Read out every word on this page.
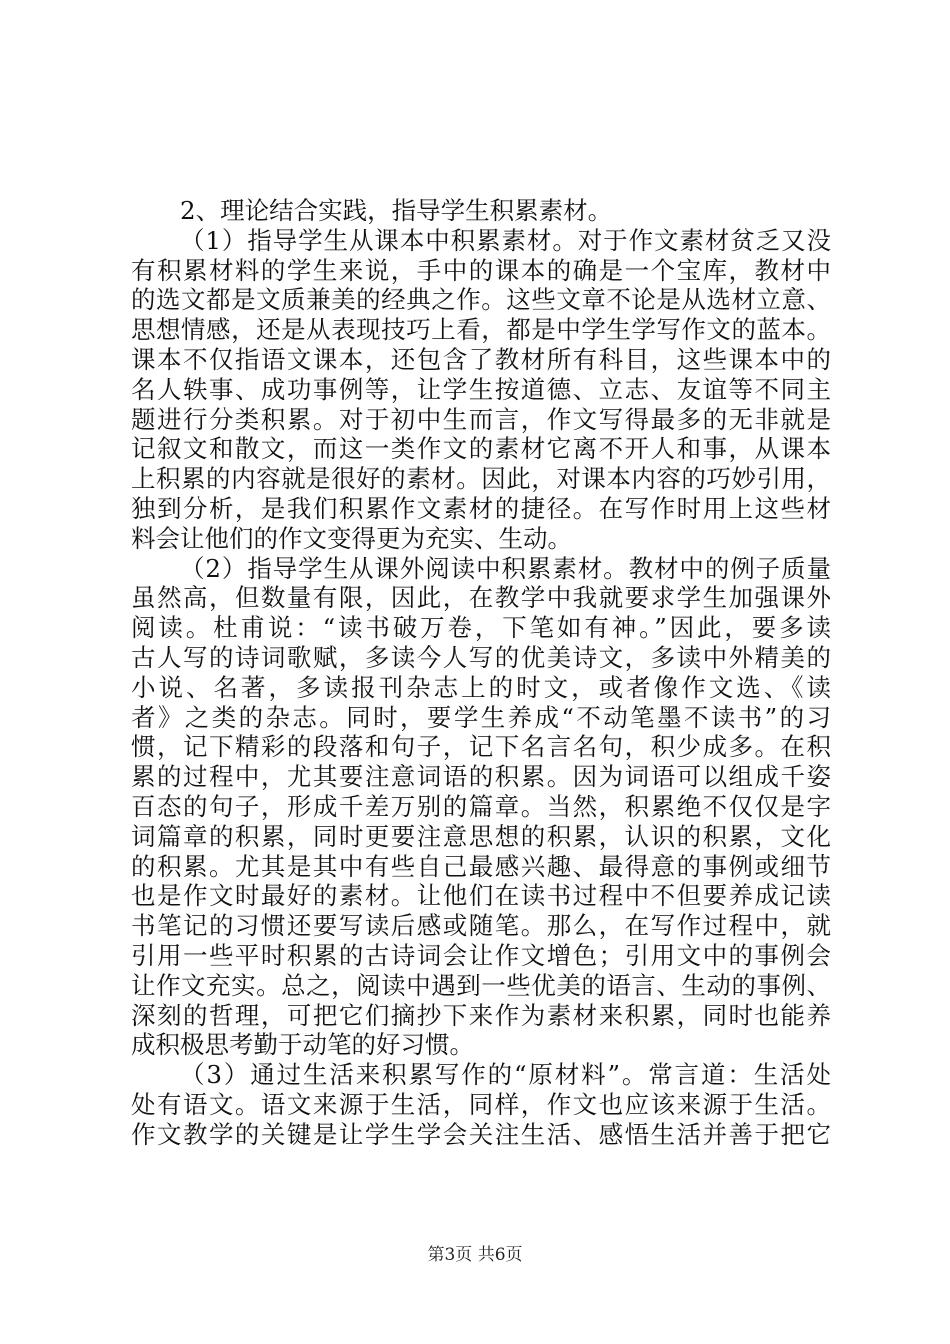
2、理论结合实践，指导学生积累素材。
（1）指导学生从课本中积累素材。对于作文素材贫乏又没
有积累材料的学生来说，手中的课本的确是一个宝库，教材中
的选文都是文质兼美的经典之作。这些文章不论是从选材立意、
思想情感，还是从表现技巧上看，都是中学生学写作文的蓝本。
课本不仅指语文课本，还包含了教材所有科目，这些课本中的
名人轶事、成功事例等，让学生按道德、立志、友谊等不同主
题进行分类积累。对于初中生而言，作文写得最多的无非就是
记叙文和散文，而这一类作文的素材它离不开人和事，从课本
上积累的内容就是很好的素材。因此，对课本内容的巧妙引用，
独到分析，是我们积累作文素材的捷径。在写作时用上这些材
料会让他们的作文变得更为充实、生动。
（2）指导学生从课外阅读中积累素材。教材中的例子质量
虽然高，但数量有限，因此，在教学中我就要求学生加强课外
阅读。杜甫说：“读书破万卷，下笔如有神。”因此，要多读
古人写的诗词歌赋，多读今人写的优美诗文，多读中外精美的
小说、名著，多读报刊杂志上的时文，或者像作文选、《读
者》之类的杂志。同时，要学生养成“不动笔墨不读书”的习
惯，记下精彩的段落和句子，记下名言名句，积少成多。在积
累的过程中，尤其要注意词语的积累。因为词语可以组成千姿
百态的句子，形成千差万别的篇章。当然，积累绝不仅仅是字
词篇章的积累，同时更要注意思想的积累，认识的积累，文化
的积累。尤其是其中有些自己最感兴趣、最得意的事例或细节
也是作文时最好的素材。让他们在读书过程中不但要养成记读
书笔记的习惯还要写读后感或随笔。那么，在写作过程中，就
引用一些平时积累的古诗词会让作文增色；引用文中的事例会
让作文充实。总之，阅读中遇到一些优美的语言、生动的事例、
深刻的哲理，可把它们摘抄下来作为素材来积累，同时也能养
成积极思考勤于动笔的好习惯。
（3）通过生活来积累写作的“原材料”。常言道：生活处
处有语文。语文来源于生活，同样，作文也应该来源于生活。
作文教学的关键是让学生学会关注生活、感悟生活并善于把它
第3页 共6页
